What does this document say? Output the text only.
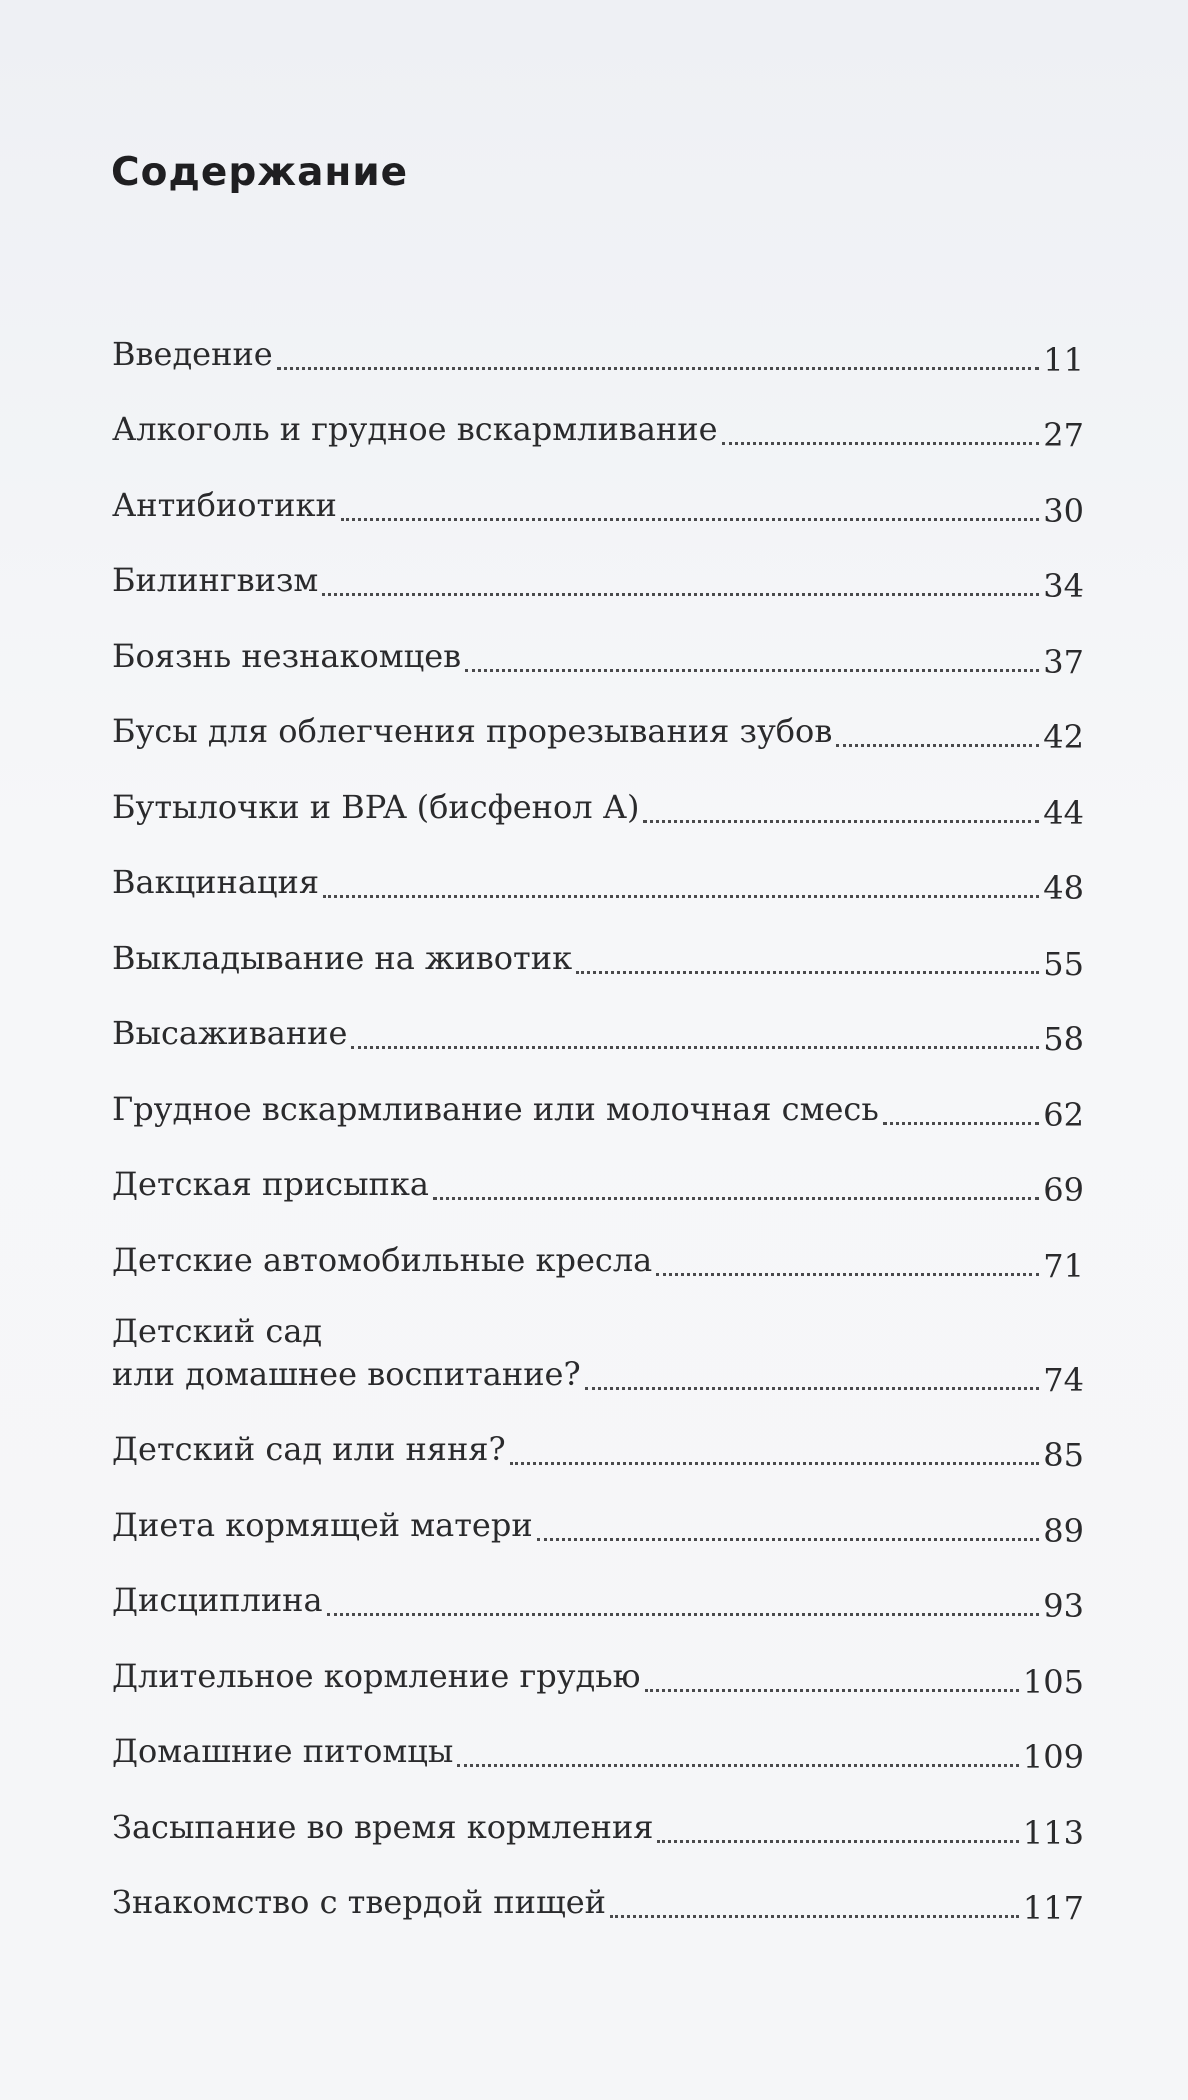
Содержание
Введение	11
Алкоголь и грудное вскармливание	27
Антибиотики	30
Билингвизм	34
Боязнь незнакомцев	37
Бусы для облегчения прорезывания зубов	42
Бутылочки и BPA (бисфенол А)	44
Вакцинация	48
Выкладывание на животик	55
Высаживание	58
Грудное вскармливание или молочная смесь	62
Детская присыпка	69
Детские автомобильные кресла	71
Детский сад
или домашнее воспитание?	74
Детский сад или няня?	85
Диета кормящей матери	89
Дисциплина	93
Длительное кормление грудью	105
Домашние питомцы	109
Засыпание во время кормления	113
Знакомство с твердой пищей	117
